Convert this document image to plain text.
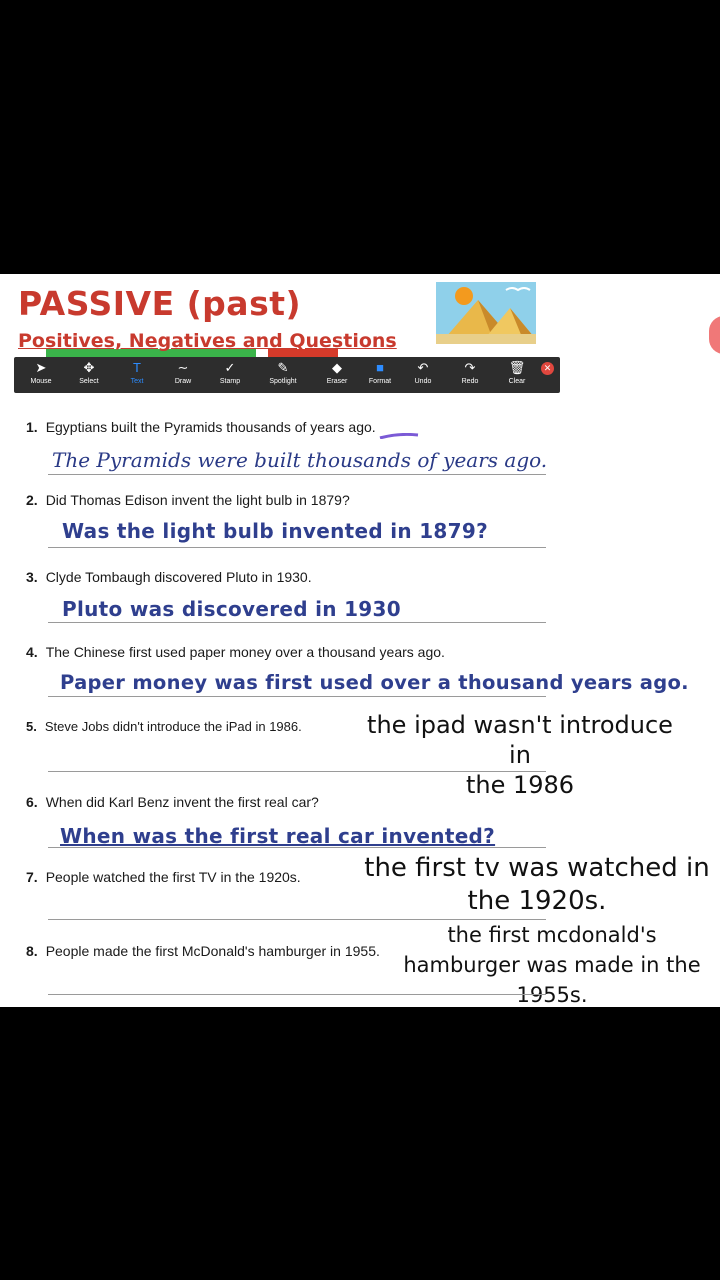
PASSIVE (past)
Positives, Negatives and Questions
➤
Mouse
✥
Select
T
Text
∼
Draw
✓
Stamp
✎
Spotlight
◆
Eraser
■
Format
↶
Undo
↷
Redo
🗑
Clear
✕
1. Egyptians built the Pyramids thousands of years ago.
The Pyramids were built thousands of years ago.
2. Did Thomas Edison invent the light bulb in 1879?
Was the light bulb invented in 1879?
3. Clyde Tombaugh discovered Pluto in 1930.
Pluto was discovered in 1930
4. The Chinese first used paper money over a thousand years ago.
Paper money was first used over a thousand years ago.
5. Steve Jobs didn't introduce the iPad in 1986.	the ipad wasn't introduce in
the 1986
6. When did Karl Benz invent the first real car?
When was the first real car invented?
7. People watched the first TV in the 1920s.	the first tv was watched in
the 1920s.
8. People made the first McDonald's hamburger in 1955.
the first mcdonald's
hamburger was made in the
1955s.
